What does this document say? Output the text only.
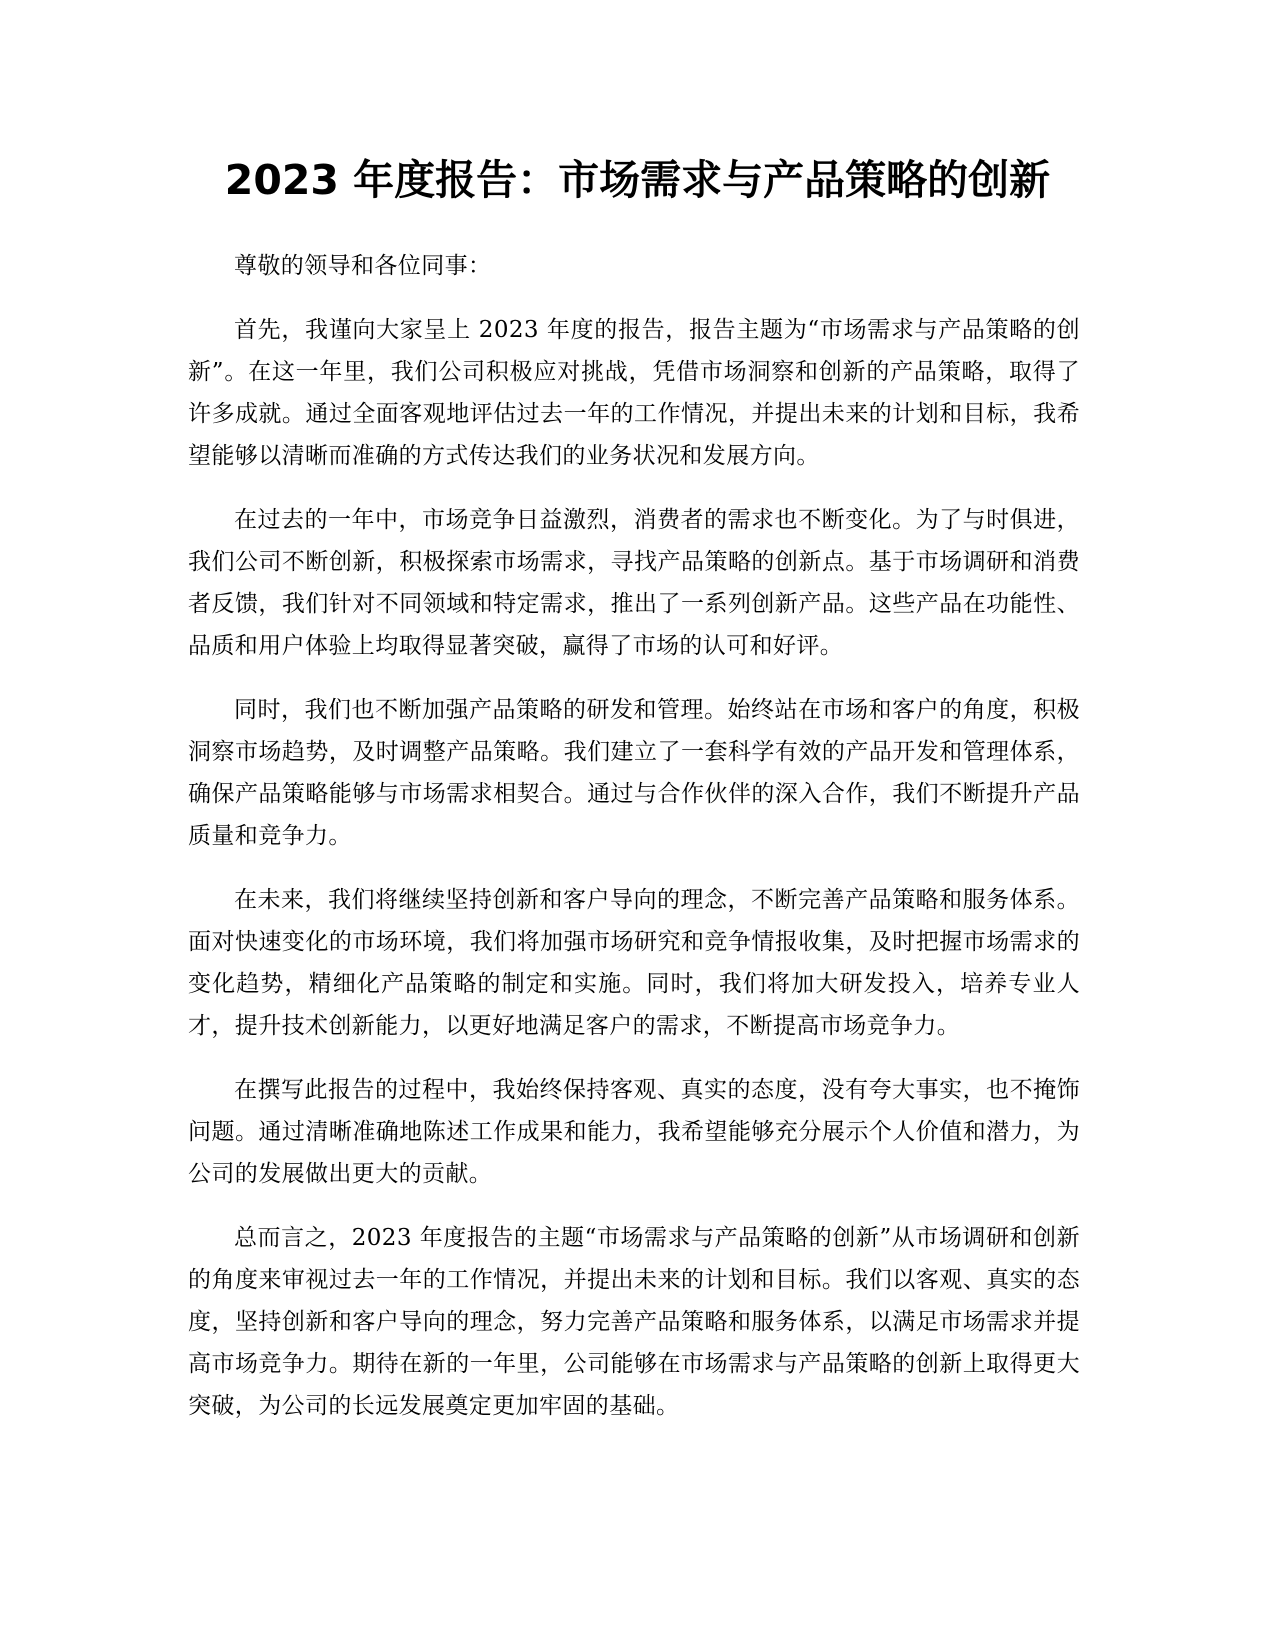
2023 年度报告：市场需求与产品策略的创新

尊敬的领导和各位同事：

首先，我谨向大家呈上 2023 年度的报告，报告主题为“市场需求与产品策略的创新”。在这一年里，我们公司积极应对挑战，凭借市场洞察和创新的产品策略，取得了许多成就。通过全面客观地评估过去一年的工作情况，并提出未来的计划和目标，我希望能够以清晰而准确的方式传达我们的业务状况和发展方向。

在过去的一年中，市场竞争日益激烈，消费者的需求也不断变化。为了与时俱进，我们公司不断创新，积极探索市场需求，寻找产品策略的创新点。基于市场调研和消费者反馈，我们针对不同领域和特定需求，推出了一系列创新产品。这些产品在功能性、品质和用户体验上均取得显著突破，赢得了市场的认可和好评。

同时，我们也不断加强产品策略的研发和管理。始终站在市场和客户的角度，积极洞察市场趋势，及时调整产品策略。我们建立了一套科学有效的产品开发和管理体系，确保产品策略能够与市场需求相契合。通过与合作伙伴的深入合作，我们不断提升产品质量和竞争力。

在未来，我们将继续坚持创新和客户导向的理念，不断完善产品策略和服务体系。面对快速变化的市场环境，我们将加强市场研究和竞争情报收集，及时把握市场需求的变化趋势，精细化产品策略的制定和实施。同时，我们将加大研发投入，培养专业人才，提升技术创新能力，以更好地满足客户的需求，不断提高市场竞争力。

在撰写此报告的过程中，我始终保持客观、真实的态度，没有夸大事实，也不掩饰问题。通过清晰准确地陈述工作成果和能力，我希望能够充分展示个人价值和潜力，为公司的发展做出更大的贡献。

总而言之，2023 年度报告的主题“市场需求与产品策略的创新”从市场调研和创新的角度来审视过去一年的工作情况，并提出未来的计划和目标。我们以客观、真实的态度，坚持创新和客户导向的理念，努力完善产品策略和服务体系，以满足市场需求并提高市场竞争力。期待在新的一年里，公司能够在市场需求与产品策略的创新上取得更大突破，为公司的长远发展奠定更加牢固的基础。
